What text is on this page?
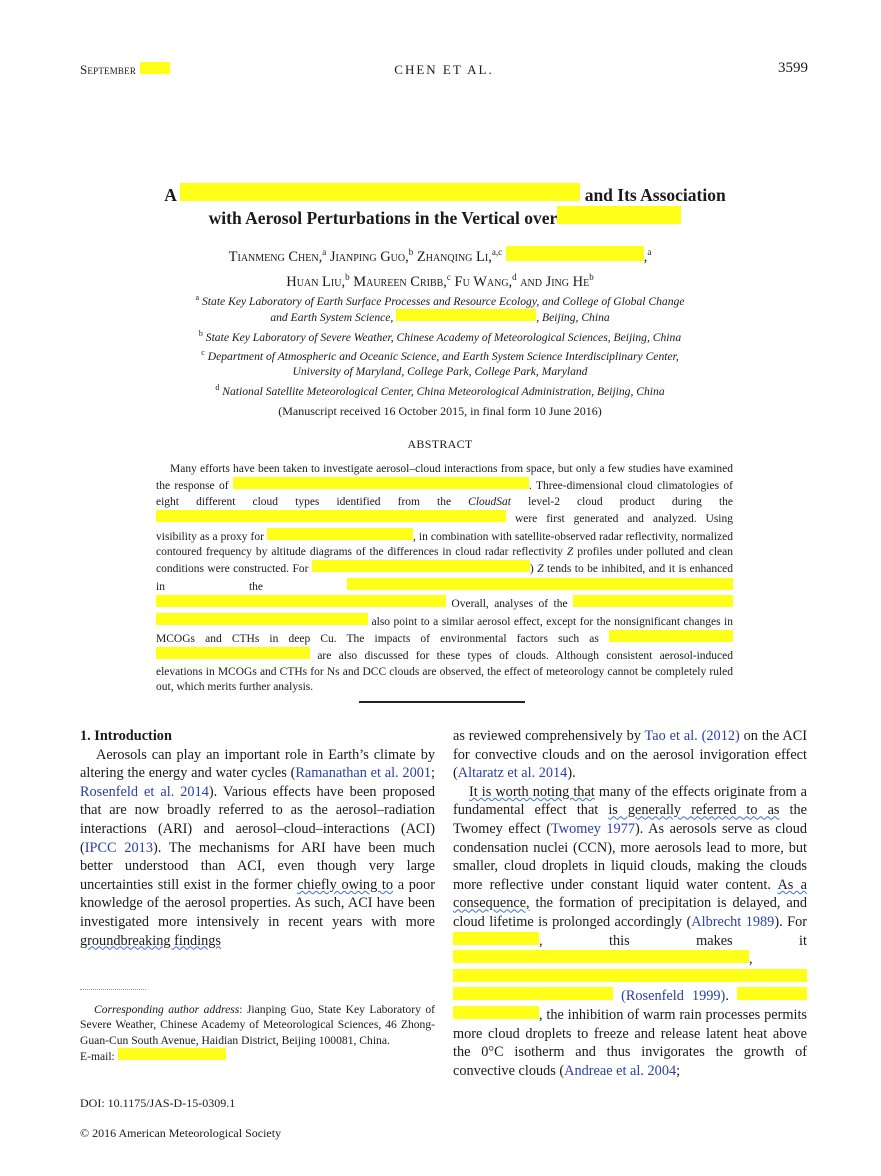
September	CHEN ET AL.	3599
A	and Its Association
with Aerosol Perturbations in the Vertical over
Tianmeng Chen,$^a$ Jianping Guo,$^b$ Zhanqing Li,$^{a,c}$	,$^a$
Huan Liu,$^b$ Maureen Cribb,$^c$ Fu Wang,$^d$ and Jing He$^b$
$^a$ State Key Laboratory of Earth Surface Processes and Resource Ecology, and College of Global Change
and Earth System Science,	, Beijing, China
$^b$ State Key Laboratory of Severe Weather, Chinese Academy of Meteorological Sciences, Beijing, China
$^c$ Department of Atmospheric and Oceanic Science, and Earth System Science Interdisciplinary Center,
University of Maryland, College Park, College Park, Maryland
$^d$ National Satellite Meteorological Center, China Meteorological Administration, Beijing, China
(Manuscript received 16 October 2015, in final form 10 June 2016)
ABSTRACT

Many efforts have been taken to investigate aerosol–cloud interactions from space, but only a few studies have examined the response of	. Three-dimensional cloud climatologies of eight different cloud types identified from the CloudSat level-2 cloud product during the  were first generated and analyzed. Using visibility as a proxy for	, in combination with satellite-observed radar reflectivity, normalized contoured frequency by altitude diagrams of the differences in cloud radar reflectivity Z profiles under polluted and clean conditions were constructed. For	) Z tends to be inhibited, and it is enhanced in the   Overall, analyses of the   also point to a similar aerosol effect, except for the nonsignificant changes in MCOGs and CTHs in deep Cu. The impacts of environmental factors such as   are also discussed for these types of clouds. Although consistent aerosol-induced elevations in MCOGs and CTHs for Ns and DCC clouds are observed, the effect of meteorology cannot be completely ruled out, which merits further analysis.

1. Introduction

Aerosols can play an important role in Earth’s climate by altering the energy and water cycles (Ramanathan et al. 2001; Rosenfeld et al. 2014). Various effects have been proposed that are now broadly referred to as the aerosol–radiation interactions (ARI) and aerosol–cloud–interactions (ACI) (IPCC 2013). The mechanisms for ARI have been much better understood than ACI, even though very large uncertainties still exist in the former chiefly owing to a poor knowledge of the aerosol properties. As such, ACI have been investigated more intensively in recent years with more groundbreaking findings

Corresponding author address: Jianping Guo, State Key Laboratory of Severe Weather, Chinese Academy of Meteorological Sciences, 46 Zhong-Guan-Cun South Avenue, Haidian District, Beijing 100081, China.

E-mail:
DOI: 10.1175/JAS-D-15-0309.1
© 2016 American Meteorological Society

as reviewed comprehensively by Tao et al. (2012) on the ACI for convective clouds and on the aerosol invigoration effect (Altaratz et al. 2014).

It is worth noting that many of the effects originate from a fundamental effect that is generally referred to as the Twomey effect (Twomey 1977). As aerosols serve as cloud condensation nuclei (CCN), more aerosols lead to more, but smaller, cloud droplets in liquid clouds, making the clouds more reflective under constant liquid water content. As a consequence, the formation of precipitation is delayed, and cloud lifetime is prolonged accordingly (Albrecht 1989). For , this makes it ,   (Rosenfeld 1999).  , the inhibition of warm rain processes permits more cloud droplets to freeze and release latent heat above the 0°C isotherm and thus invigorates the growth of convective clouds (Andreae et al. 2004;
